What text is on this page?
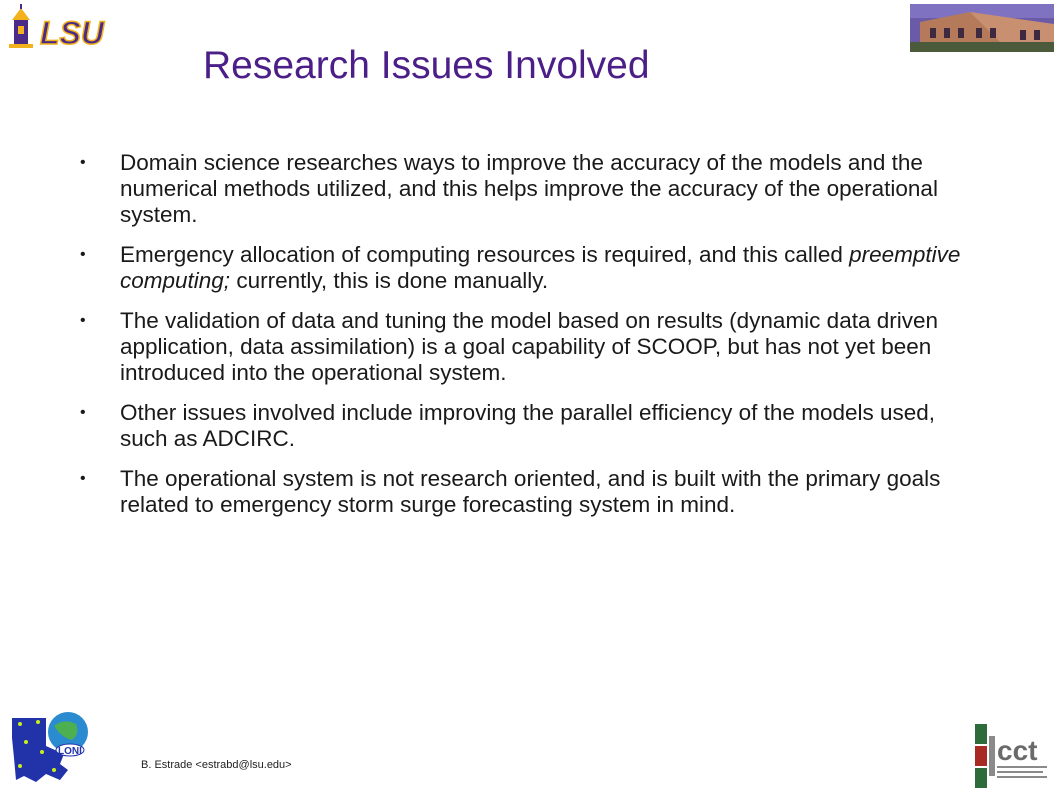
LSU
Research Issues Involved
• Domain science researches ways to improve the accuracy of the models and the numerical methods utilized, and this helps improve the accuracy of the operational system.
• Emergency allocation of computing resources is required, and this called preemptive computing; currently, this is done manually.
• The validation of data and tuning the model based on results (dynamic data driven application, data assimilation) is a goal capability of SCOOP, but has not yet been introduced into the operational system.
• Other issues involved include improving the parallel efficiency of the models used, such as ADCIRC.
• The operational system is not research oriented, and is built with the primary goals related to emergency storm surge forecasting system in mind.
LONI
B. Estrade <estrabd@lsu.edu>	cct
